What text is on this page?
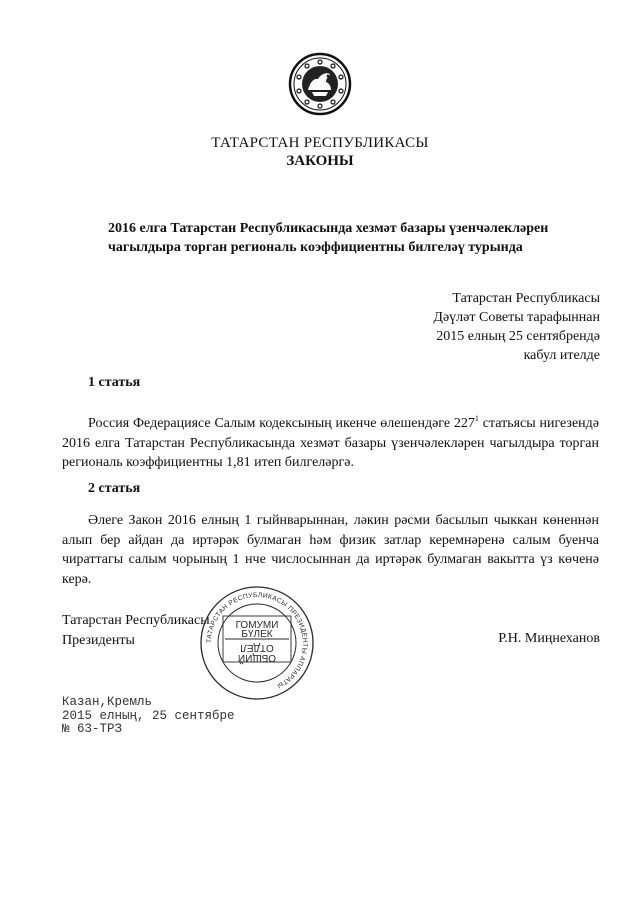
ТАТАРСТАН РЕСПУБЛИКАСЫ
ЗАКОНЫ
2016 елга Татарстан Республикасында хезмәт базары үзенчәлекләрен
чагылдыра торган региональ коэффициентны билгеләү турында
Татарстан Республикасы
Дәүләт Советы тарафыннан
2015 елның 25 сентябрендә
кабул ителде
1 статья
Россия Федерациясе Салым кодексының икенче өлешендәге $227^1$ статьясы нигезендә 2016 елга Татарстан Республикасында хезмәт базары үзенчәлекләрен чагылдыра торган региональ коэффициентны 1,81 итеп билгеләргә.
2 статья
Әлеге Закон 2016 елның 1 гыйнварыннан, ләкин рәсми басылып чыккан көненнән алып бер айдан да иртәрәк булмаган һәм физик затлар керемнәренә салым буенча чираттагы салым чорының 1 нче числосыннан да иртәрәк булмаган вакытта үз көченә керә.
Татарстан Республикасы
Президенты	Р.Н. Миңнеханов
ТАТАРСТАН РЕСПУБЛИКАСЫ ПРЕЗИДЕНТЫ АППАРАТЫ
ГОМУМИ
БҮЛЕК
ОБЩИЙ
ОТДЕЛ
Казан,Кремль
2015 елның, 25 сентябре
№ 63-ТРЗ
